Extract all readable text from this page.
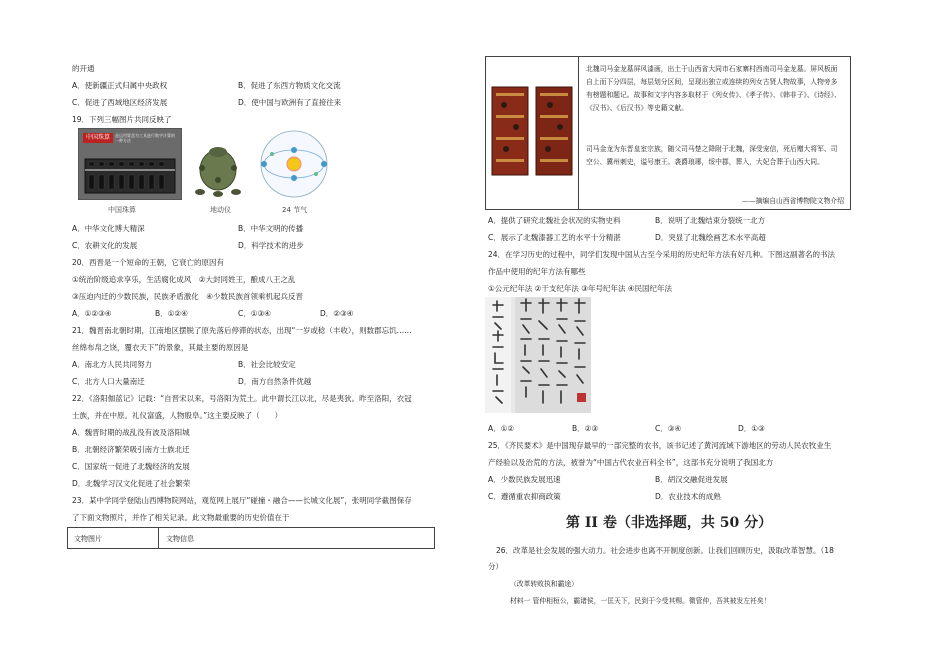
的开通
A．使新疆正式归属中央政权	B．促进了东西方物质文化交流
C．促进了西域地区经济发展	D．使中国与欧洲有了直接往来
19．下列三幅图片共同反映了
中国珠算	是运用算盘为工具进行数字计算的一种方法
中国珠算	地动仪	24 节气
A．中华文化博大精深	B．中华文明的传播
C．农耕文化的发展	D．科学技术的进步
20．西晋是一个短命的王朝，它衰亡的原因有
①统治阶级追求享乐，生活腐化成风　②大封同姓王，酿成八王之乱
③压迫内迁的少数民族，民族矛盾激化　④少数民族首领乘机起兵反晋
A．①②③④	B．①②④	C．①③④	D．②③④
21．魏晋南北朝时期，江南地区摆脱了原先落后停滞的状态，出现“一岁或稔（丰收），则数郡忘饥……
丝绵布帛之饶，覆衣天下”的景象，其最主要的原因是
A．南北方人民共同努力	B．社会比较安定
C．北方人口大量南迁	D．南方自然条件优越
22．《洛阳伽蓝记》记载：“自晋宋以来，号洛阳为荒土。此中谓长江以北，尽是夷狄。昨至洛阳，衣冠
士族，并在中原。礼仪富盛，人物殷阜。”这主要反映了（　　）
A．魏晋时期的战乱没有波及洛阳城
B．北朝经济繁荣吸引南方士族北迁
C．国家统一促进了北魏经济的发展
D．北魏学习汉文化促进了社会繁荣
23．某中学同学登陆山西博物院网站，观览网上展厅“碰撞・融合——长城文化展”，张明同学截图保存
了下面文物照片，并作了相关记录。此文物最重要的历史价值在于
文物图片	文物信息
北魏司马金龙墓屏风漆画，出土于山西省大同市石家寨村西南司马金龙墓。屏风板面自上而下分四层，每层划分区间，呈现出独立或连续的列女古贤人物故事，人物旁多有榜题和题记。故事和文字内容多取材于《列女传》、《孝子传》、《韩非子》、《诗经》、《汉书》、《后汉书》等史籍文献。
司马金龙为东晋皇室宗族，随父司马楚之降附于北魏，深受宠信，死后赠大将军、司空公、冀州刺史，谥号康王。袭爵琅琊，绥中郡，葬入，大妃合葬于山西大同。
——摘编自山西省博物院文物介绍
A．提供了研究北魏社会状况的实物史料	B．说明了北魏结束分裂统一北方
C．展示了北魏漆器工艺的水平十分精湛	D．突显了北魏绘画艺术水平高超
24．在学习历史的过程中，同学们发现中国从古至今采用的历史纪年方法有好几种。下图这副著名的书法
作品中使用的纪年方法有哪些
①公元纪年法 ②干支纪年法 ③年号纪年法 ④民国纪年法
A．①②	B．②③	C．③④	D．①③
25．《齐民要术》是中国现存最早的一部完整的农书，该书记述了黄河流域下游地区的劳动人民农牧业生
产经验以及治荒的方法，被誉为“中国古代农业百科全书”，这部书充分说明了我国北方
A．少数民族发展迅速	B．胡汉交融促进发展
C．遵循重农抑商政策	D．农业技术的成熟
第 II 卷（非选择题，共 50 分）
26．改革是社会发展的强大动力。社会进步也离不开制度创新。让我们回顾历史，汲取改革智慧。（18
分）
（改革转败执和霸途）
材料一 管仲相桓公，霸诸侯，一匡天下，民到于今受其赐。微管仲，吾其被发左衽矣！
